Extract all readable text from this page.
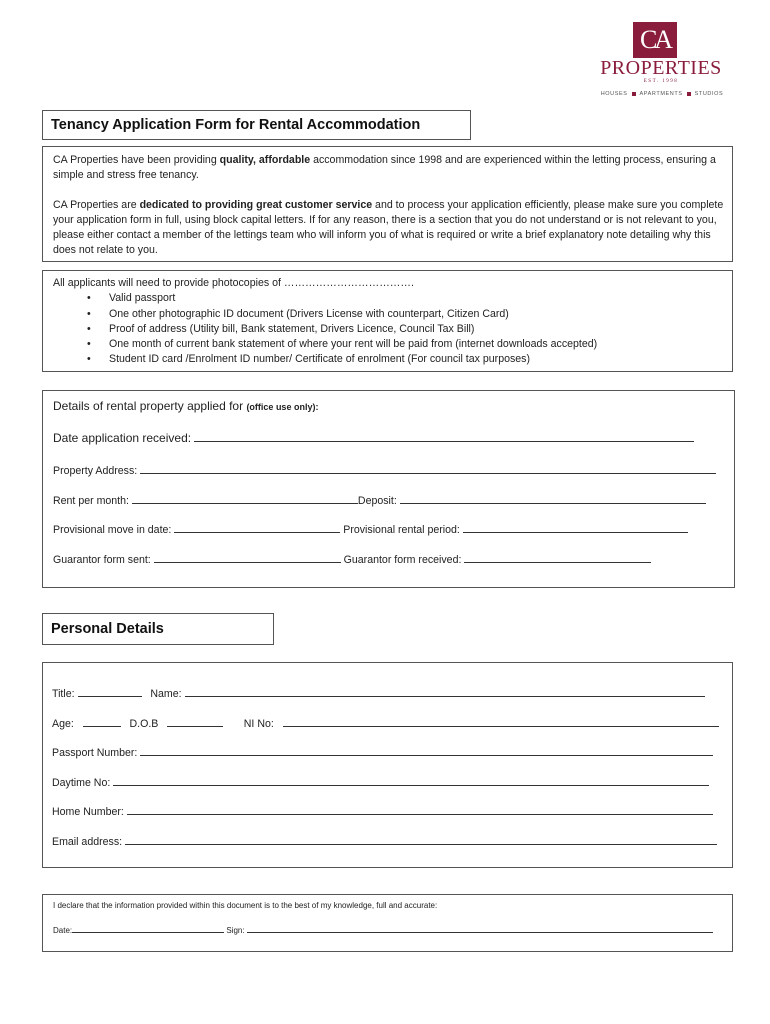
CA
PROPERTIES
EST. 1998
HOUSES APARTMENTS STUDIOS
Tenancy Application Form for Rental Accommodation

CA Properties have been providing quality, affordable accommodation since 1998 and are experienced within the letting process, ensuring a simple and stress free tenancy.

CA Properties are dedicated to providing great customer service and to process your application efficiently, please make sure you complete your application form in full, using block capital letters. If for any reason, there is a section that you do not understand or is not relevant to you, please either contact a member of the lettings team who will inform you of what is required or write a brief explanatory note detailing why this does not relate to you.

All applicants will need to provide photocopies of ……………………………….
• Valid passport
• One other photographic ID document (Drivers License with counterpart, Citizen Card)
• Proof of address (Utility bill, Bank statement, Drivers Licence, Council Tax Bill)
• One month of current bank statement of where your rent will be paid from (internet downloads accepted)
• Student ID card /Enrolment ID number/ Certificate of enrolment (For council tax purposes)
Details of rental property applied for (office use only):
Date application received:
Property Address:
Rent per month:	Deposit:
Provisional move in date:	Provisional rental period:
Guarantor form sent:	Guarantor form received:
Personal Details
Title:	Name:
Age:	D.O.B	NI No:
Passport Number:
Daytime No:
Home Number:
Email address:
I declare that the information provided within this document is to the best of my knowledge, full and accurate:
Date:	Sign:
